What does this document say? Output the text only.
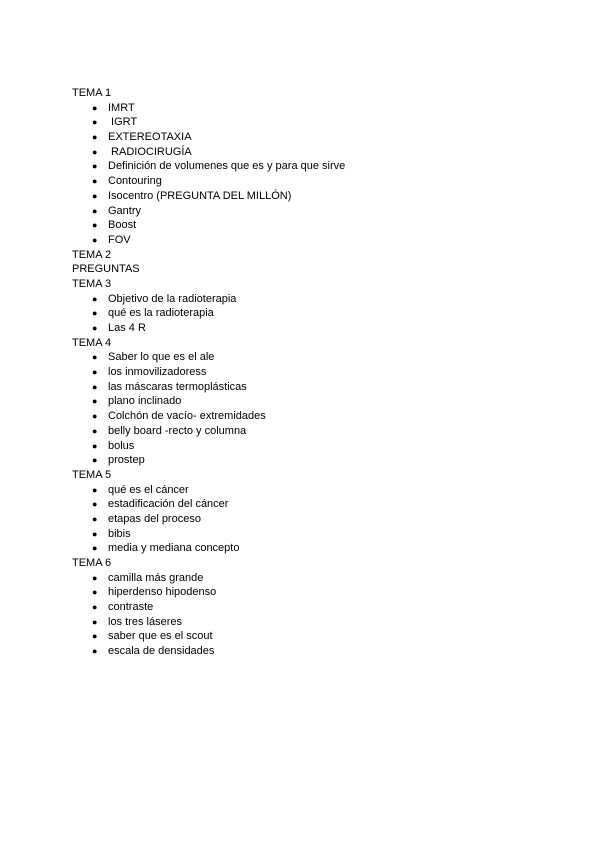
TEMA 1
● IMRT
● IGRT
● EXTEREOTAXIA
● RADIOCIRUGÍA
● Definición de volumenes que es y para que sirve
● Contouring
● Isocentro (PREGUNTA DEL MILLÓN)
● Gantry
● Boost
● FOV
TEMA 2
PREGUNTAS
TEMA 3
● Objetivo de la radioterapia
● qué es la radioterapia
● Las 4 R
TEMA 4
● Saber lo que es el ale
● los inmovilizadoress
● las máscaras termoplásticas
● plano inclinado
● Colchón de vacío- extremidades
● belly board -recto y columna
● bolus
● prostep
TEMA 5
● qué es el cáncer
● estadificación del cáncer
● etapas del proceso
● bibis
● media y mediana concepto
TEMA 6
● camilla más grande
● hiperdenso hipodenso
● contraste
● los tres láseres
● saber que es el scout
● escala de densidades
